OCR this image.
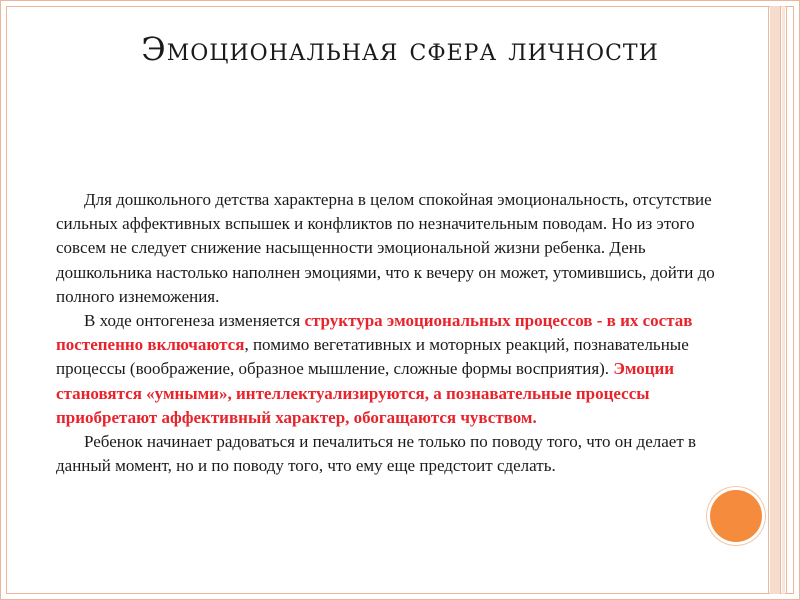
Эмоциональная сфера личности

Для дошкольного детства характерна в целом спокойная эмоциональность, отсутствие сильных аффективных вспышек и конфликтов по незначительным поводам. Но из этого совсем не следует снижение насыщенности эмоциональной жизни ребенка. День дошкольника настолько наполнен эмоциями, что к вечеру он может, утомившись, дойти до полного изнеможения.

В ходе онтогенеза изменяется структура эмоциональных процессов - в их состав постепенно включаются, помимо вегетативных и моторных реакций, познавательные процессы (воображение, образное мышление, сложные формы восприятия). Эмоции становятся «умными», интеллектуализируются, а познавательные процессы приобретают аффективный характер, обогащаются чувством.

Ребенок начинает радоваться и печалиться не только по поводу того, что он делает в данный момент, но и по поводу того, что ему еще предстоит сделать.
